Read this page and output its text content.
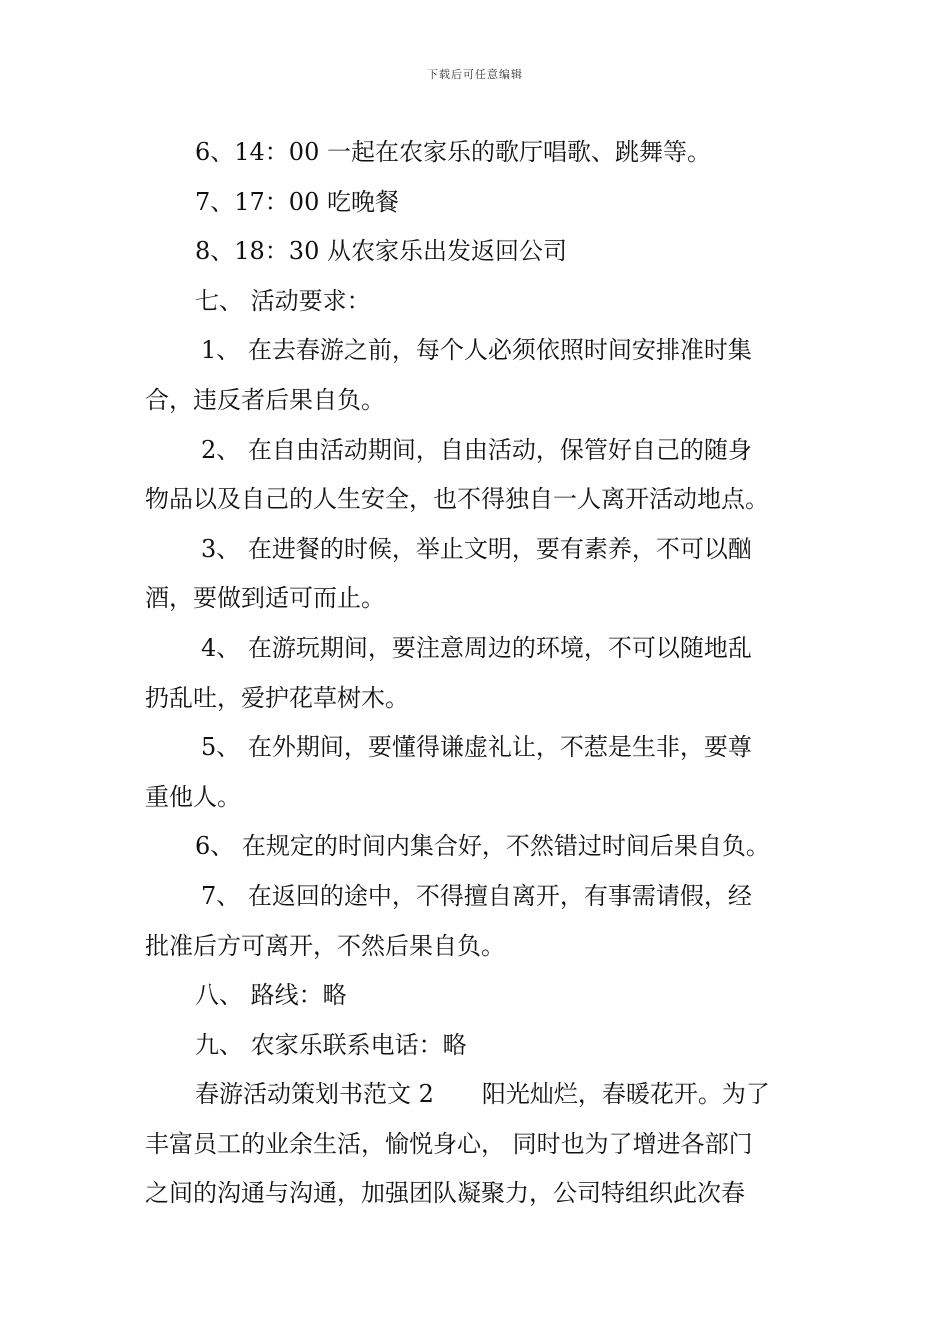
下载后可任意编辑
6、14：00 一起在农家乐的歌厅唱歌、跳舞等。
7、17：00 吃晚餐
8、18：30 从农家乐出发返回公司
七、 活动要求：
1、 在去春游之前，每个人必须依照时间安排准时集
合，违反者后果自负。
2、 在自由活动期间，自由活动，保管好自己的随身
物品以及自己的人生安全，也不得独自一人离开活动地点。
3、 在进餐的时候，举止文明，要有素养，不可以酗
酒，要做到适可而止。
4、 在游玩期间，要注意周边的环境，不可以随地乱
扔乱吐，爱护花草树木。
5、 在外期间，要懂得谦虚礼让，不惹是生非，要尊
重他人。
6、 在规定的时间内集合好，不然错过时间后果自负。
7、 在返回的途中，不得擅自离开，有事需请假，经
批准后方可离开，不然后果自负。
八、 路线：略
九、 农家乐联系电话：略
春游活动策划书范文 2 阳光灿烂，春暖花开。为了
丰富员工的业余生活，愉悦身心， 同时也为了增进各部门
之间的沟通与沟通，加强团队凝聚力，公司特组织此次春
